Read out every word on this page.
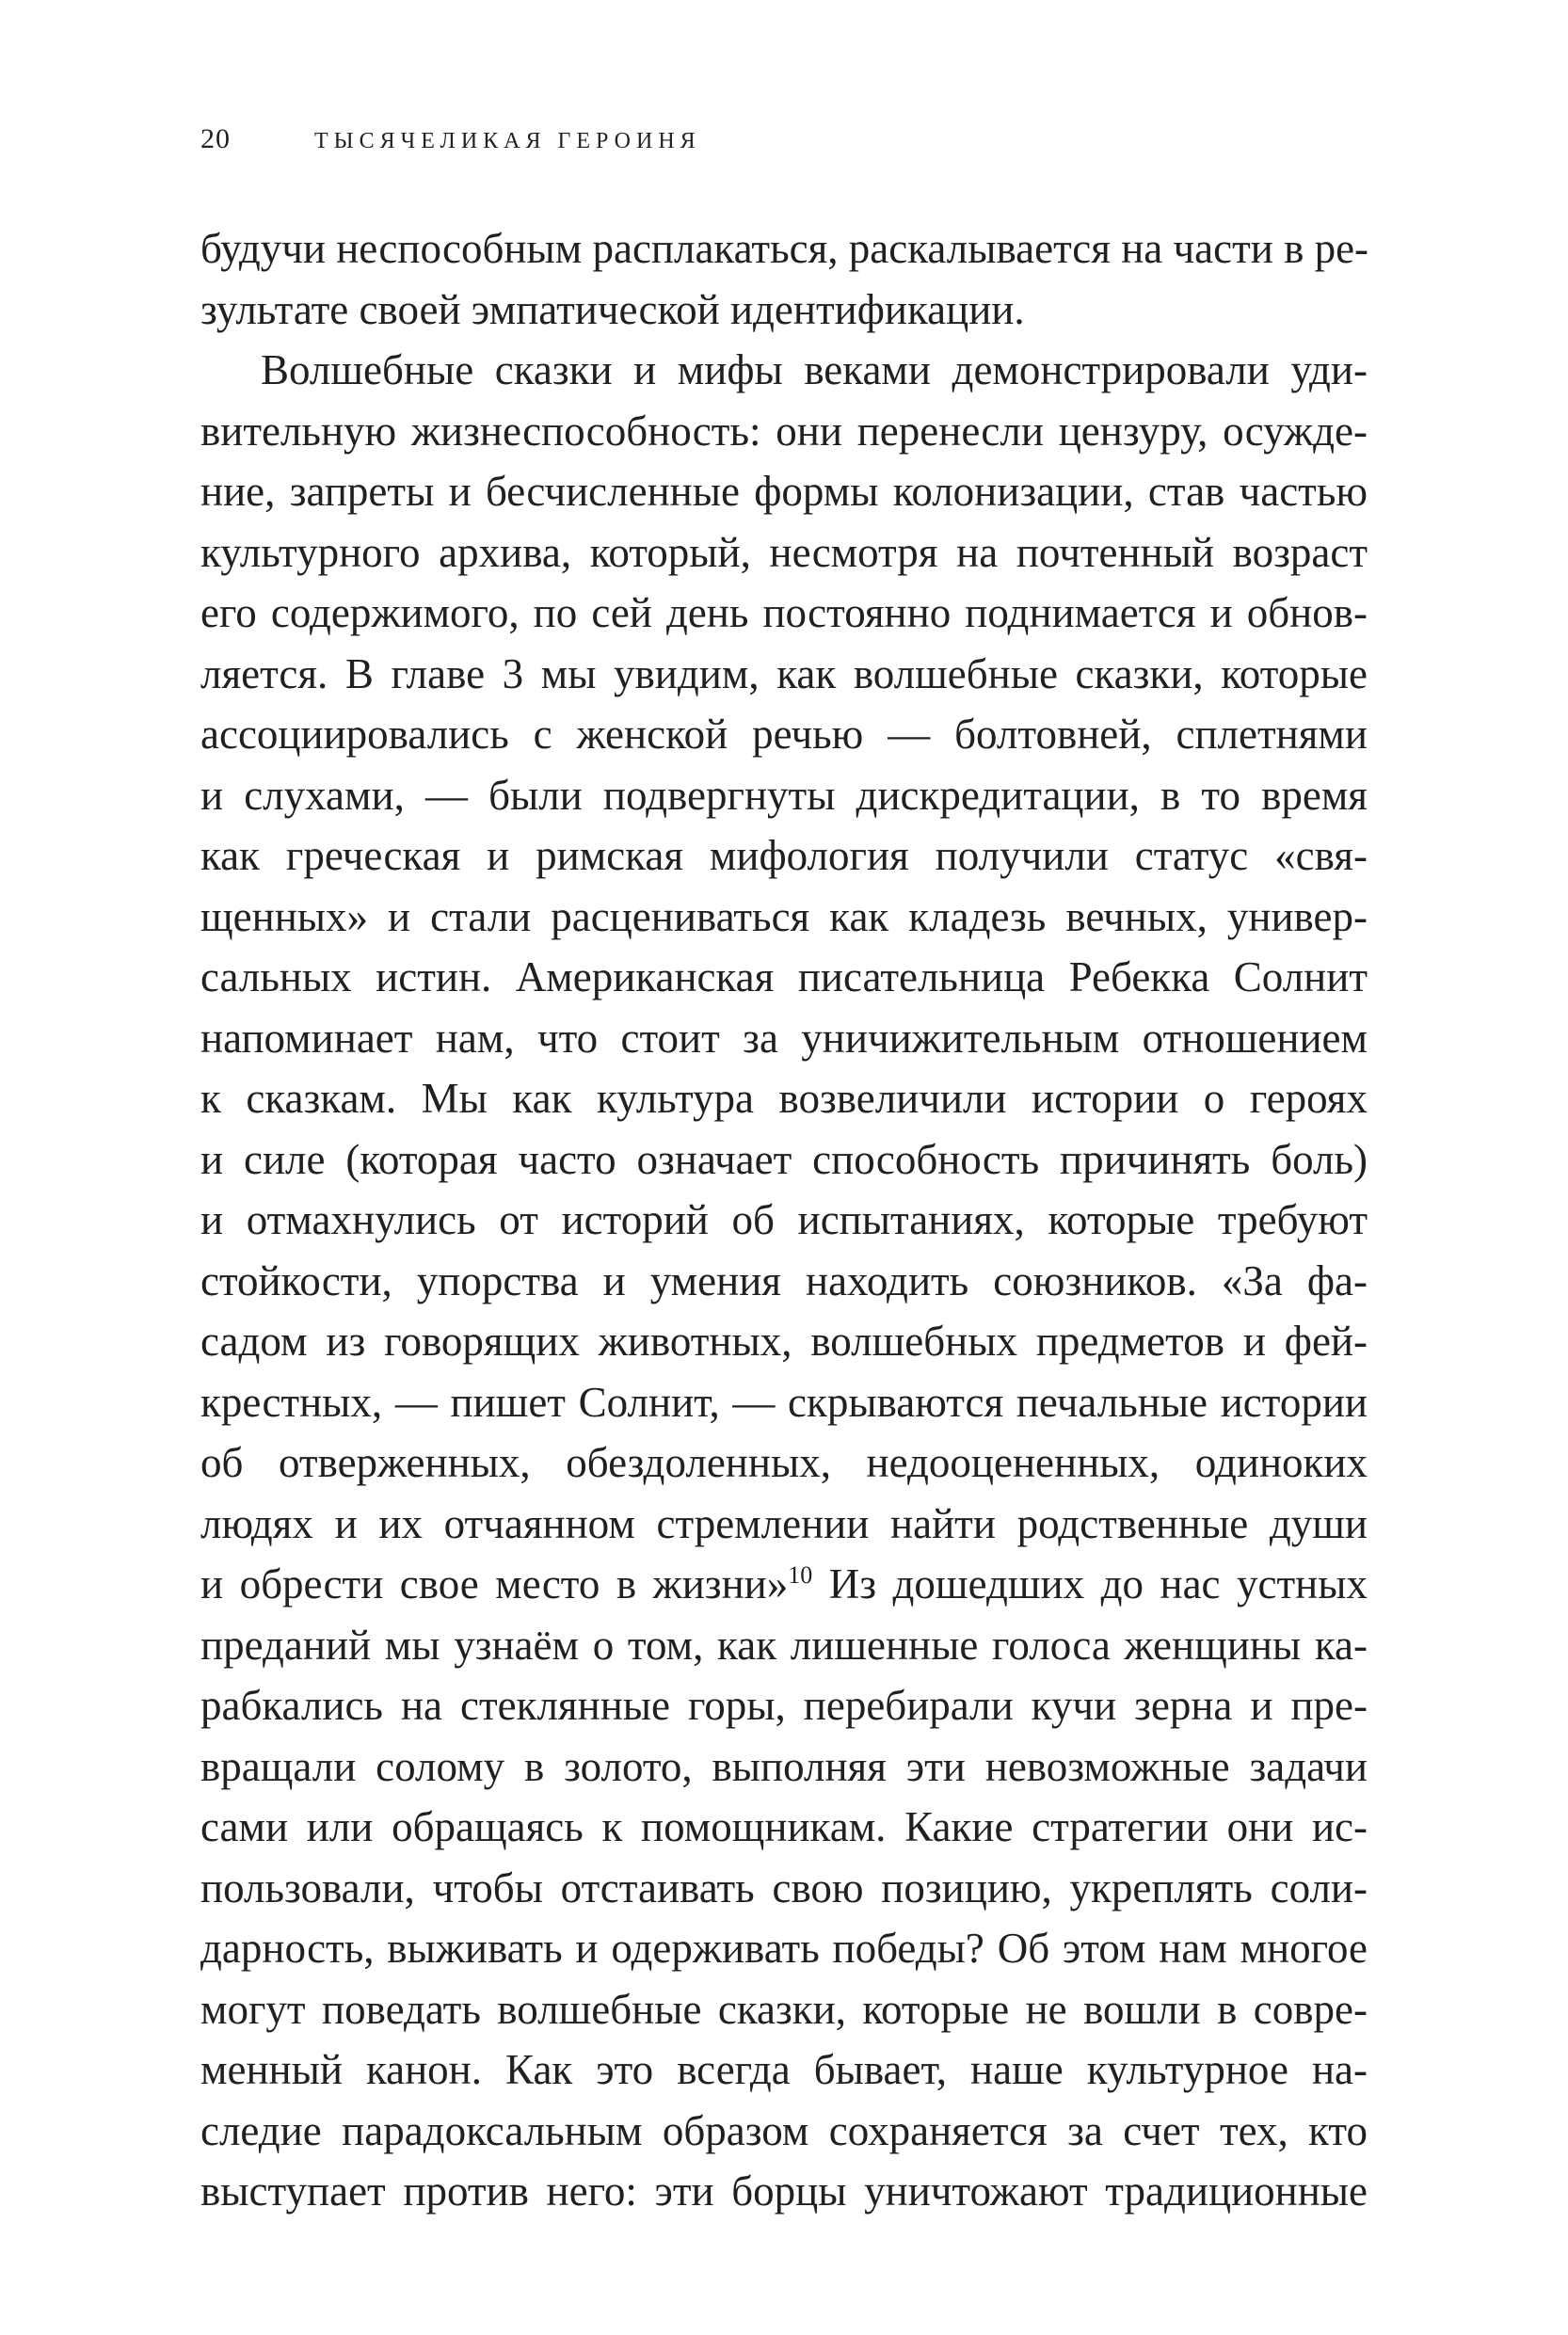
20	ТЫСЯЧЕЛИКАЯ ГЕРОИНЯ
будучи неспособным расплакаться, раскалывается на части в ре-
зультате своей эмпатической идентификации.
Волшебные сказки и мифы веками демонстрировали уди-
вительную жизнеспособность: они перенесли цензуру, осужде-
ние, запреты и бесчисленные формы колонизации, став частью
культурного архива, который, несмотря на почтенный возраст
его содержимого, по сей день постоянно поднимается и обнов-
ляется. В главе 3 мы увидим, как волшебные сказки, которые
ассоциировались с женской речью — болтовней, сплетнями
и слухами, — были подвергнуты дискредитации, в то время
как греческая и римская мифология получили статус «свя-
щенных» и стали расцениваться как кладезь вечных, универ-
сальных истин. Американская писательница Ребекка Солнит
напоминает нам, что стоит за уничижительным отношением
к сказкам. Мы как культура возвеличили истории о героях
и силе (которая часто означает способность причинять боль)
и отмахнулись от историй об испытаниях, которые требуют
стойкости, упорства и умения находить союзников. «За фа-
садом из говорящих животных, волшебных предметов и фей-
крестных, — пишет Солнит, — скрываются печальные истории
об отверженных, обездоленных, недооцененных, одиноких
людях и их отчаянном стремлении найти родственные души
и обрести свое место в жизни»$^{10}$ Из дошедших до нас устных
преданий мы узнаём о том, как лишенные голоса женщины ка-
рабкались на стеклянные горы, перебирали кучи зерна и пре-
вращали солому в золото, выполняя эти невозможные задачи
сами или обращаясь к помощникам. Какие стратегии они ис-
пользовали, чтобы отстаивать свою позицию, укреплять соли-
дарность, выживать и одерживать победы? Об этом нам многое
могут поведать волшебные сказки, которые не вошли в совре-
менный канон. Как это всегда бывает, наше культурное на-
следие парадоксальным образом сохраняется за счет тех, кто
выступает против него: эти борцы уничтожают традиционные
